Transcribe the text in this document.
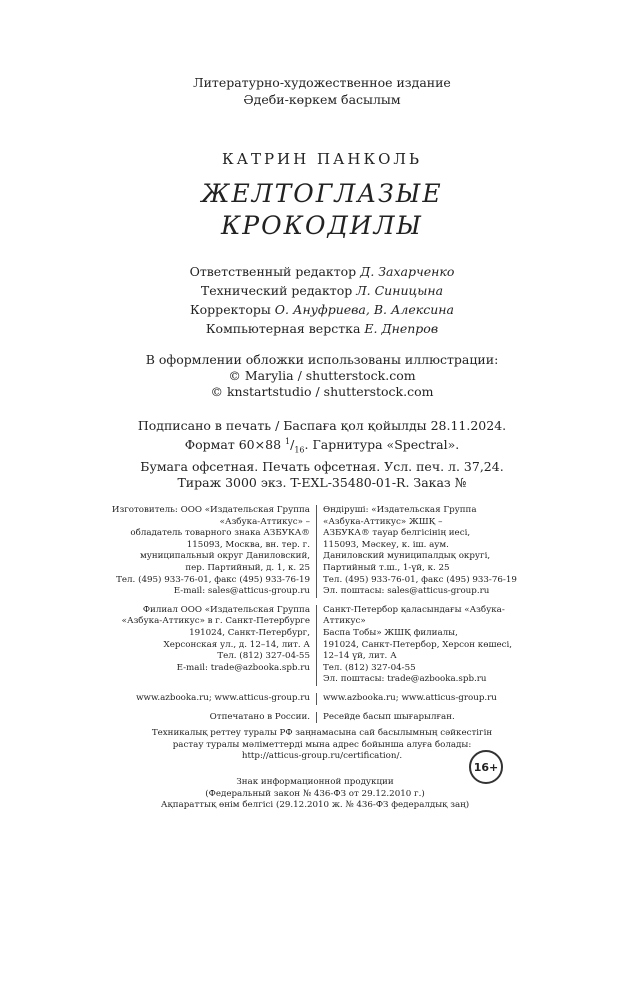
Литературно-художественное издание
Әдеби-көркем басылым
КАТРИН ПАНКОЛЬ
ЖЕЛТОГЛАЗЫЕ
КРОКОДИЛЫ
Ответственный редактор Д. Захарченко
Технический редактор Л. Синицына
Корректоры О. Ануфриева, В. Алексина
Компьютерная верстка Е. Днепров
В оформлении обложки использованы иллюстрации:
© Marylia / shutterstock.com
© knstartstudio / shutterstock.com
Подписано в печать / Баспаға қол қойылды 28.11.2024.
Формат 60×88 $^1/_{16}$. Гарнитура «Spectral».
Бумага офсетная. Печать офсетная. Усл. печ. л. 37,24.
Тираж 3000 экз. T-EXL-35480-01-R. Заказ №
Изготовитель: ООО «Издательская Группа
«Азбука-Аттикус» –
обладатель товарного знака АЗБУКА®
115093, Москва, вн. тер. г.
муниципальный округ Даниловский,
пер. Партийный, д. 1, к. 25
Тел. (495) 933-76-01, факс (495) 933-76-19
E-mail: sales@atticus-group.ru
Өндіруші: «Издательская Группа
«Азбука-Аттикус» ЖШҚ –
АЗБУКА® тауар белгісінің иесі,
115093, Мәскеу, к. іш. аум.
Даниловский муниципалдық округі,
Партийный т.ш., 1-үй, к. 25
Тел. (495) 933-76-01, факс (495) 933-76-19
Эл. поштасы: sales@atticus-group.ru
Филиал ООО «Издательская Группа
«Азбука-Аттикус» в г. Санкт-Петербурге
191024, Санкт-Петербург,
Херсонская ул., д. 12–14, лит. А
Тел. (812) 327-04-55
E-mail: trade@azbooka.spb.ru
Санкт-Петербор қаласындағы «Азбука-Аттикус»
Баспа Тобы» ЖШҚ филиалы,
191024, Санкт-Петербор, Херсон көшесі,
12–14 үй, лит. А
Тел. (812) 327-04-55
Эл. поштасы: trade@azbooka.spb.ru
www.azbooka.ru; www.atticus-group.ru	www.azbooka.ru; www.atticus-group.ru
Отпечатано в России.	Ресейде басып шығарылған.
Техникалық реттеу туралы РФ заңнамасына сай басылымның сәйкестігін
растау туралы мәліметтерді мына адрес бойынша алуға болады:
http://atticus-group.ru/certification/.
Знак информационной продукции
(Федеральный закон № 436-ФЗ от 29.12.2010 г.)
Ақпараттық өнім белгісі (29.12.2010 ж. № 436-ФЗ федералдық заң)
16+
